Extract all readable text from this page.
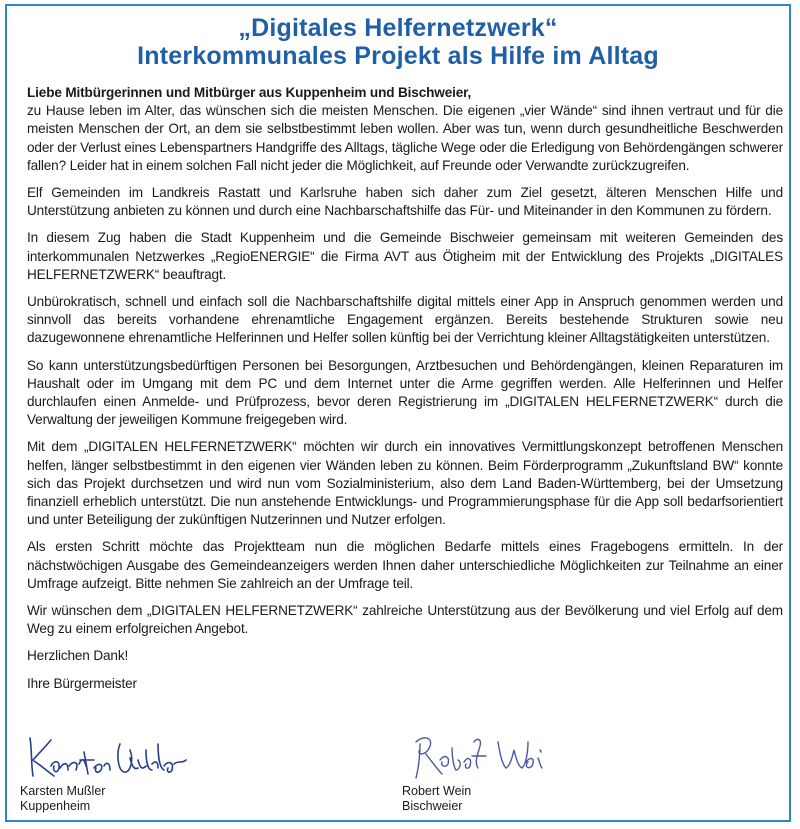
„Digitales Helfernetzwerk“
Interkommunales Projekt als Hilfe im Alltag

Liebe Mitbürgerinnen und Mitbürger aus Kuppenheim und Bischweier,
zu Hause leben im Alter, das wünschen sich die meisten Menschen. Die eigenen „vier Wände“ sind ihnen vertraut und für die meisten Menschen der Ort, an dem sie selbstbestimmt leben wollen. Aber was tun, wenn durch gesundheitliche Beschwerden oder der Verlust eines Lebenspartners Handgriffe des Alltags, tägliche Wege oder die Erledigung von Behördengängen schwerer fallen? Leider hat in einem solchen Fall nicht jeder die Möglichkeit, auf Freunde oder Verwandte zurückzugreifen.

Elf Gemeinden im Landkreis Rastatt und Karlsruhe haben sich daher zum Ziel gesetzt, älteren Menschen Hilfe und Unterstützung anbieten zu können und durch eine Nachbarschaftshilfe das Für- und Miteinander in den Kommunen zu fördern.

In diesem Zug haben die Stadt Kuppenheim und die Gemeinde Bischweier gemeinsam mit weiteren Gemeinden des interkommunalen Netzwerkes „RegioENERGIE“ die Firma AVT aus Ötigheim mit der Entwicklung des Projekts „DIGITALES HELFERNETZWERK“ beauftragt.

Unbürokratisch, schnell und einfach soll die Nachbarschaftshilfe digital mittels einer App in Anspruch genommen werden und sinnvoll das bereits vorhandene ehrenamtliche Engagement ergänzen. Bereits bestehende Strukturen sowie neu dazugewonnene ehrenamtliche Helferinnen und Helfer sollen künftig bei der Verrichtung kleiner Alltagstätigkeiten unterstützen.

So kann unterstützungsbedürftigen Personen bei Besorgungen, Arztbesuchen und Behördengängen, kleinen Reparaturen im Haushalt oder im Umgang mit dem PC und dem Internet unter die Arme gegriffen werden. Alle Helferinnen und Helfer durchlaufen einen Anmelde- und Prüfprozess, bevor deren Registrierung im „DIGITALEN HELFERNETZWERK“ durch die Verwaltung der jeweiligen Kommune freigegeben wird.

Mit dem „DIGITALEN HELFERNETZWERK“ möchten wir durch ein innovatives Vermittlungskonzept betroffenen Menschen helfen, länger selbstbestimmt in den eigenen vier Wänden leben zu können. Beim Förderprogramm „Zukunftsland BW“ konnte sich das Projekt durchsetzen und wird nun vom Sozialministerium, also dem Land Baden-Württemberg, bei der Umsetzung finanziell erheblich unterstützt. Die nun anstehende Entwicklungs- und Programmierungsphase für die App soll bedarfsorientiert und unter Beteiligung der zukünftigen Nutzerinnen und Nutzer erfolgen.

Als ersten Schritt möchte das Projektteam nun die möglichen Bedarfe mittels eines Fragebogens ermitteln. In der nächstwöchigen Ausgabe des Gemeindeanzeigers werden Ihnen daher unterschiedliche Möglichkeiten zur Teilnahme an einer Umfrage aufzeigt. Bitte nehmen Sie zahlreich an der Umfrage teil.

Wir wünschen dem „DIGITALEN HELFERNETZWERK“ zahlreiche Unterstützung aus der Bevölkerung und viel Erfolg auf dem Weg zu einem erfolgreichen Angebot.

Herzlichen Dank!

Ihre Bürgermeister

Karsten Mußler
Kuppenheim
Robert Wein
Bischweier
